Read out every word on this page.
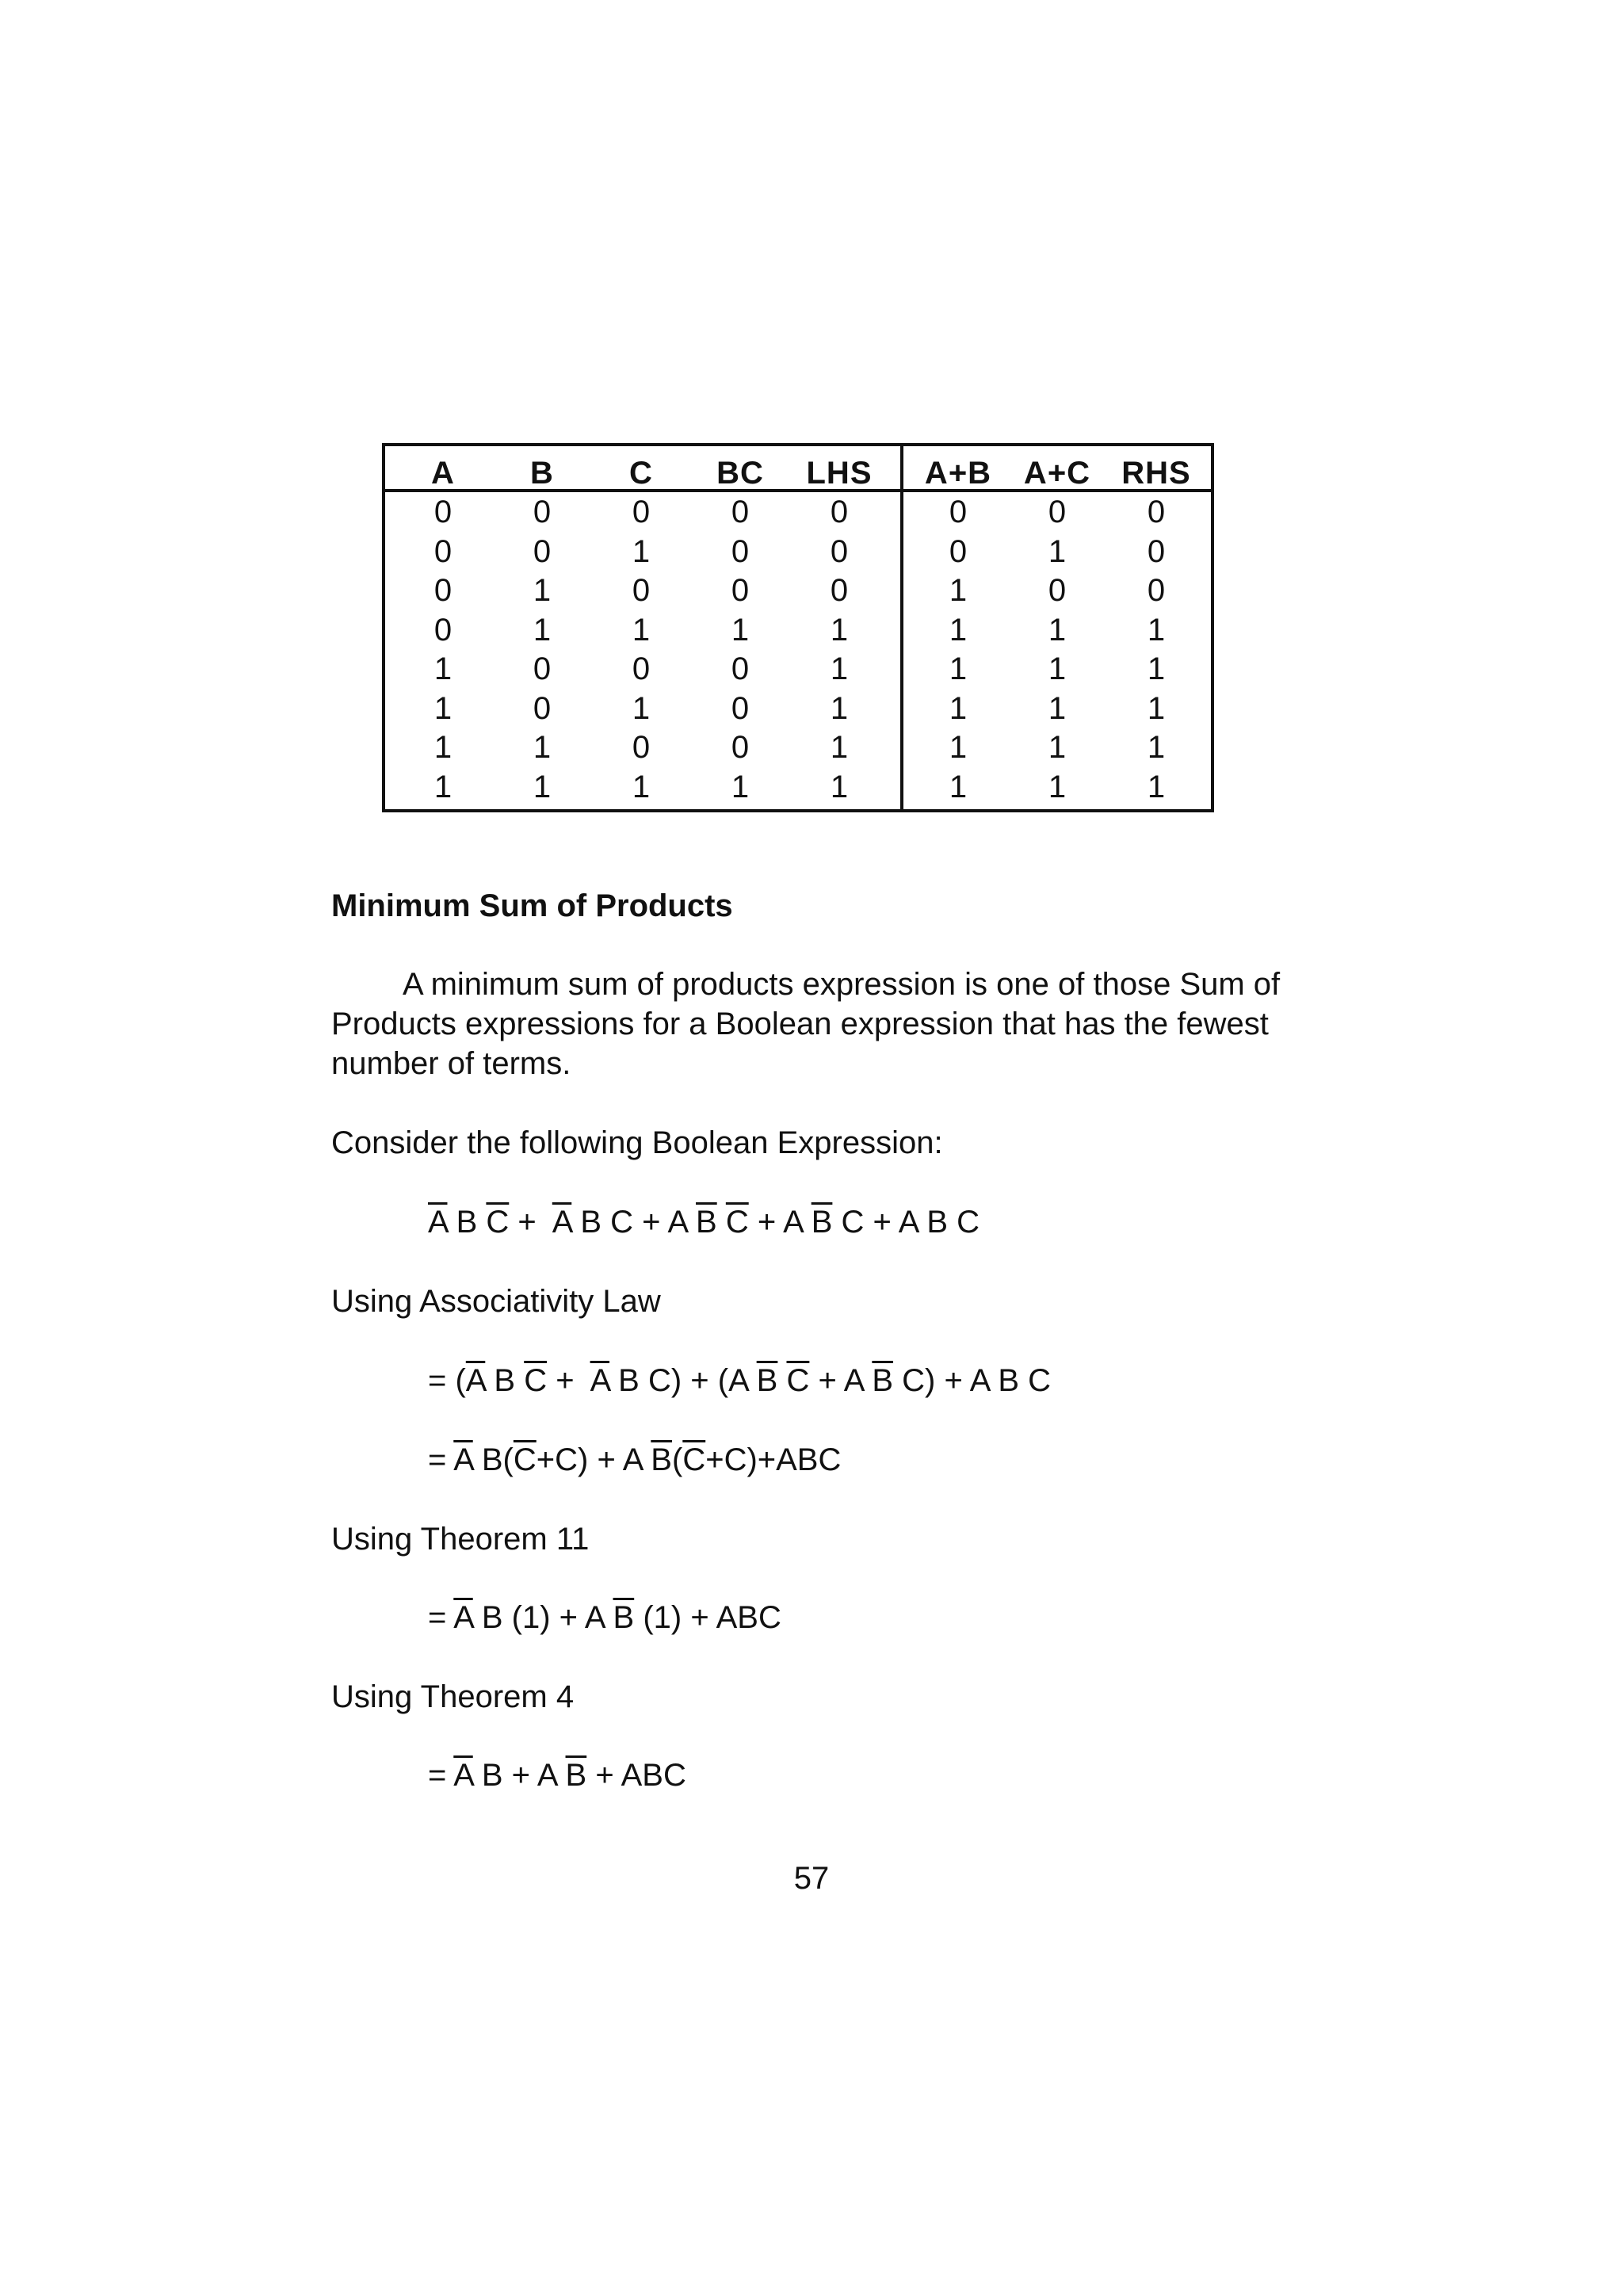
A B C BC LHS A+B A+C RHS
0	0	0	0	0	0	0	0
0	0	1	0	0	0	1	0
0	1	0	0	0	1	0	0
0	1	1	1	1	1	1	1
1	0	0	0	1	1	1	1
1	0	1	0	1	1	1	1
1	1	0	0	1	1	1	1
1	1	1	1	1	1	1	1
Minimum Sum of Products
A minimum sum of products expression is one of those Sum of
Products expressions for a Boolean expression that has the fewest
number of terms.
Consider the following Boolean Expression:
$\overline{A}$ B $\overline{C} + \overline{A}$ B C + A $\overline{B}$ $\overline{C} + A$ $\overline{B}$ C + A B C
Using Associativity Law
= ($\overline{A}$ B $\overline{C} + \overline{A}$ B C) + (A $\overline{B}$ $\overline{C} + A$ $\overline{B}$ C) + A B C
= $\overline{A}$ $B(\overline{C}+C) + A$ $\overline{B}(\overline{C}+C)+ABC$
Using Theorem 11
= $\overline{A}$ B (1) + A $\overline{B}$ (1) + ABC
Using Theorem 4
= $\overline{A}$ B + A $\overline{B}$ + ABC
57
